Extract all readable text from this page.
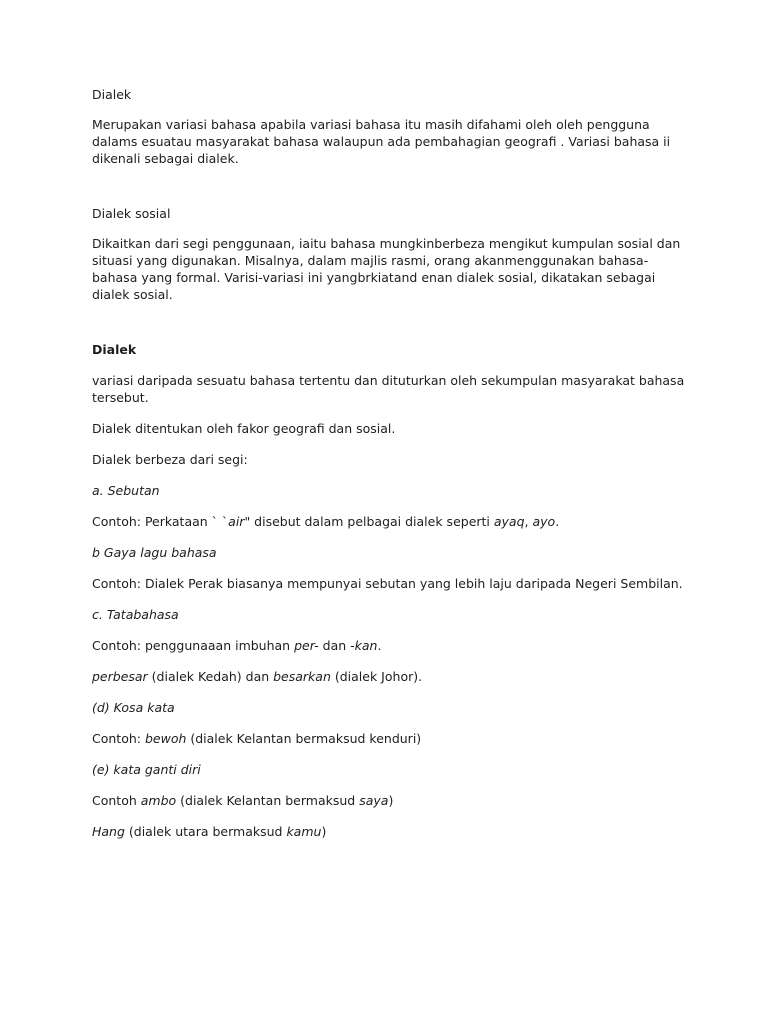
Dialek

Merupakan variasi bahasa apabila variasi bahasa itu masih difahami oleh oleh pengguna dalams esuatau masyarakat bahasa walaupun ada pembahagian geografi . Variasi bahasa ii dikenali sebagai dialek.

Dialek sosial

Dikaitkan dari segi penggunaan, iaitu bahasa mungkinberbeza mengikut kumpulan sosial dan situasi yang digunakan. Misalnya, dalam majlis rasmi, orang akanmenggunakan bahasa-bahasa yang formal. Varisi-variasi ini yangbrkiatand enan dialek sosial, dikatakan sebagai dialek sosial.

Dialek

variasi daripada sesuatu bahasa tertentu dan dituturkan oleh sekumpulan masyarakat bahasa tersebut.

Dialek ditentukan oleh fakor geografi dan sosial.

Dialek berbeza dari segi:

a. Sebutan

Contoh: Perkataan ` `air" disebut dalam pelbagai dialek seperti ayaq, ayo.

b Gaya lagu bahasa

Contoh: Dialek Perak biasanya mempunyai sebutan yang lebih laju daripada Negeri Sembilan.

c. Tatabahasa

Contoh: penggunaaan imbuhan per- dan -kan.

perbesar (dialek Kedah) dan besarkan (dialek Johor).

(d) Kosa kata

Contoh: bewoh (dialek Kelantan bermaksud kenduri)

(e) kata ganti diri

Contoh ambo (dialek Kelantan bermaksud saya)

Hang (dialek utara bermaksud kamu)
